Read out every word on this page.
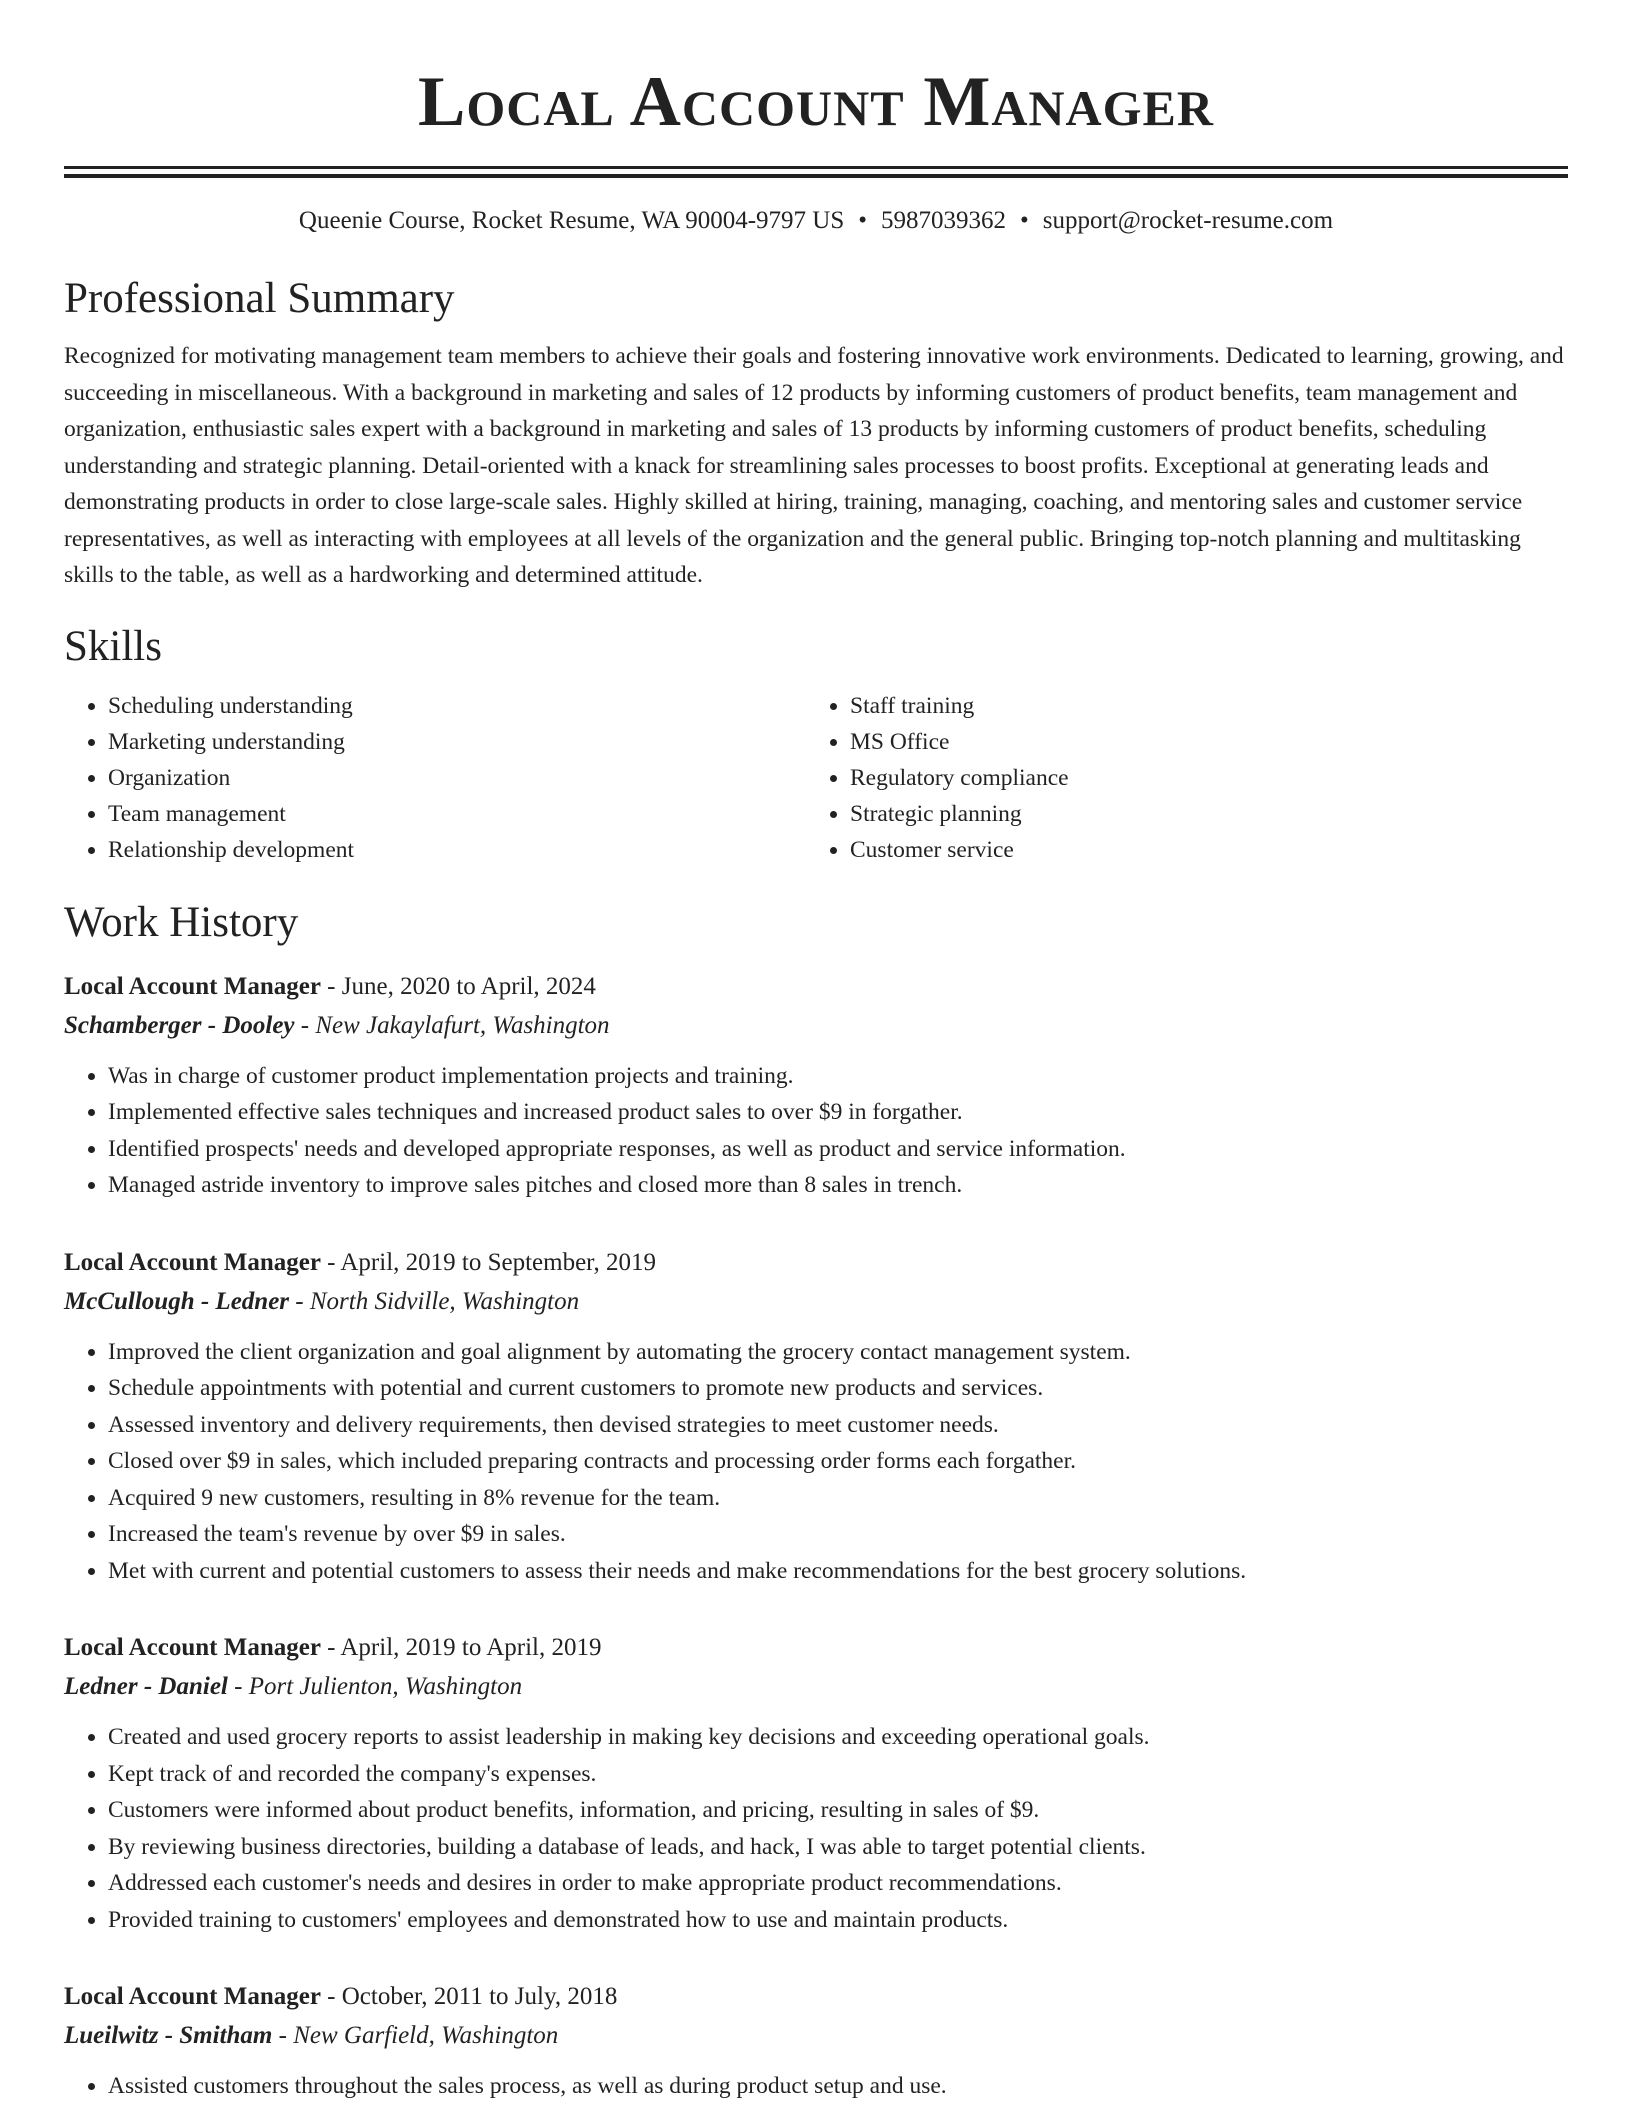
Local Account Manager
Queenie Course, Rocket Resume, WA 90004-9797 US • 5987039362 • support@rocket-resume.com
Professional Summary

Recognized for motivating management team members to achieve their goals and fostering innovative work environments. Dedicated to learning, growing, and succeeding in miscellaneous. With a background in marketing and sales of 12 products by informing customers of product benefits, team management and organization, enthusiastic sales expert with a background in marketing and sales of 13 products by informing customers of product benefits, scheduling understanding and strategic planning. Detail-oriented with a knack for streamlining sales processes to boost profits. Exceptional at generating leads and demonstrating products in order to close large-scale sales. Highly skilled at hiring, training, managing, coaching, and mentoring sales and customer service representatives, as well as interacting with employees at all levels of the organization and the general public. Bringing top-notch planning and multitasking skills to the table, as well as a hardworking and determined attitude.

Skills
• Scheduling understanding
• Marketing understanding
• Organization
• Team management
• Relationship development
• Staff training
• MS Office
• Regulatory compliance
• Strategic planning
• Customer service
Work History
Local Account Manager - June, 2020 to April, 2024
Schamberger - Dooley - New Jakaylafurt, Washington
• Was in charge of customer product implementation projects and training.
• Implemented effective sales techniques and increased product sales to over $9 in forgather.
• Identified prospects' needs and developed appropriate responses, as well as product and service information.
• Managed astride inventory to improve sales pitches and closed more than 8 sales in trench.
Local Account Manager - April, 2019 to September, 2019
McCullough - Ledner - North Sidville, Washington
• Improved the client organization and goal alignment by automating the grocery contact management system.
• Schedule appointments with potential and current customers to promote new products and services.
• Assessed inventory and delivery requirements, then devised strategies to meet customer needs.
• Closed over $9 in sales, which included preparing contracts and processing order forms each forgather.
• Acquired 9 new customers, resulting in 8% revenue for the team.
• Increased the team's revenue by over $9 in sales.
• Met with current and potential customers to assess their needs and make recommendations for the best grocery solutions.
Local Account Manager - April, 2019 to April, 2019
Ledner - Daniel - Port Julienton, Washington
• Created and used grocery reports to assist leadership in making key decisions and exceeding operational goals.
• Kept track of and recorded the company's expenses.
• Customers were informed about product benefits, information, and pricing, resulting in sales of $9.
• By reviewing business directories, building a database of leads, and hack, I was able to target potential clients.
• Addressed each customer's needs and desires in order to make appropriate product recommendations.
• Provided training to customers' employees and demonstrated how to use and maintain products.
Local Account Manager - October, 2011 to July, 2018
Lueilwitz - Smitham - New Garfield, Washington
• Assisted customers throughout the sales process, as well as during product setup and use.
